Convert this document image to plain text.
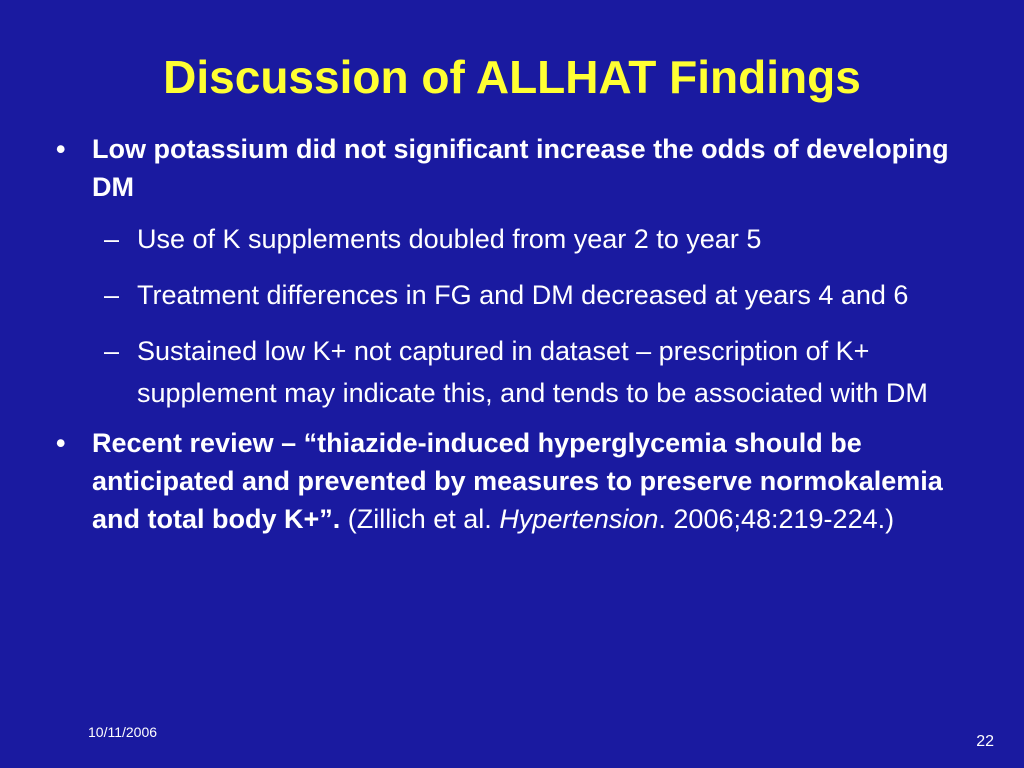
Discussion of ALLHAT Findings
• Low potassium did not significant increase the odds of developing DM
– Use of K supplements doubled from year 2 to year 5
– Treatment differences in FG and DM decreased at years 4 and 6
– Sustained low K+ not captured in dataset – prescription of K+ supplement may indicate this, and tends to be associated with DM
• Recent review – “thiazide-induced hyperglycemia should be anticipated and prevented by measures to preserve normokalemia and total body K+”. (Zillich et al. Hypertension. 2006;48:219-224.)
10/11/2006
22
